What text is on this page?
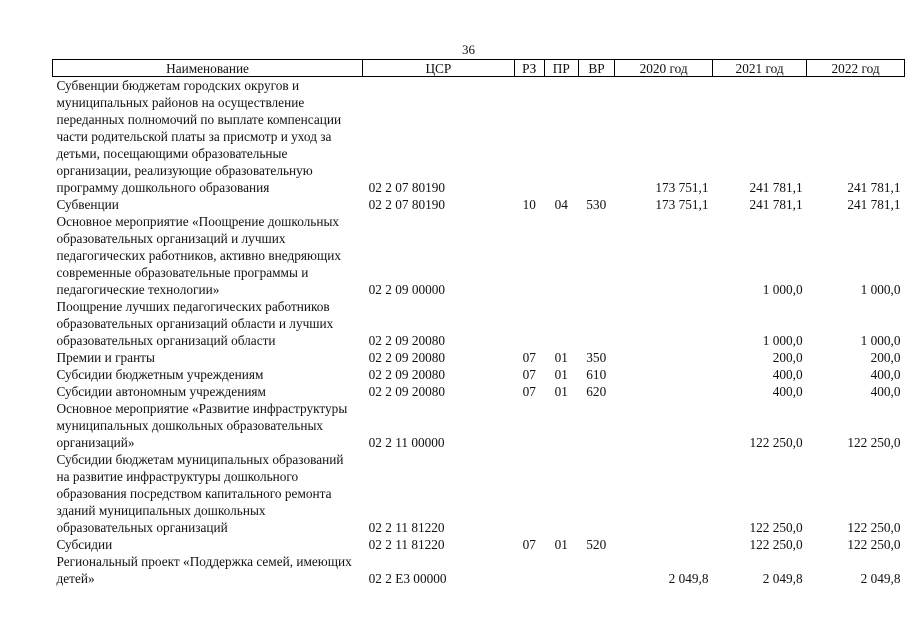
36
Наименование	ЦСР	РЗ	ПР	ВР	2020 год	2021 год	2022 год
Субвенции бюджетам городских округов и муниципальных районов на осуществление переданных полномочий по выплате компенсации части родительской платы за присмотр и уход за детьми, посещающими образовательные организации, реализующие образовательную программу дошкольного образования	02 2 07 80190				173 751,1	241 781,1	241 781,1
Субвенции	02 2 07 80190	10	04	530	173 751,1	241 781,1	241 781,1
Основное мероприятие «Поощрение дошкольных образовательных организаций и лучших педагогических работников, активно внедряющих современные образовательные программы и педагогические технологии»	02 2 09 00000					1 000,0	1 000,0
Поощрение лучших педагогических работников образовательных организаций области и лучших образовательных организаций области	02 2 09 20080					1 000,0	1 000,0
Премии и гранты	02 2 09 20080	07	01	350		200,0	200,0
Субсидии бюджетным учреждениям	02 2 09 20080	07	01	610		400,0	400,0
Субсидии автономным учреждениям	02 2 09 20080	07	01	620		400,0	400,0
Основное мероприятие «Развитие инфраструктуры муниципальных дошкольных образовательных организаций»	02 2 11 00000					122 250,0	122 250,0
Субсидии бюджетам муниципальных образований на развитие инфраструктуры дошкольного образования посредством капитального ремонта зданий муниципальных дошкольных образовательных организаций	02 2 11 81220					122 250,0	122 250,0
Субсидии	02 2 11 81220	07	01	520		122 250,0	122 250,0
Региональный проект «Поддержка семей, имеющих детей»	02 2 E3 00000				2 049,8	2 049,8	2 049,8
